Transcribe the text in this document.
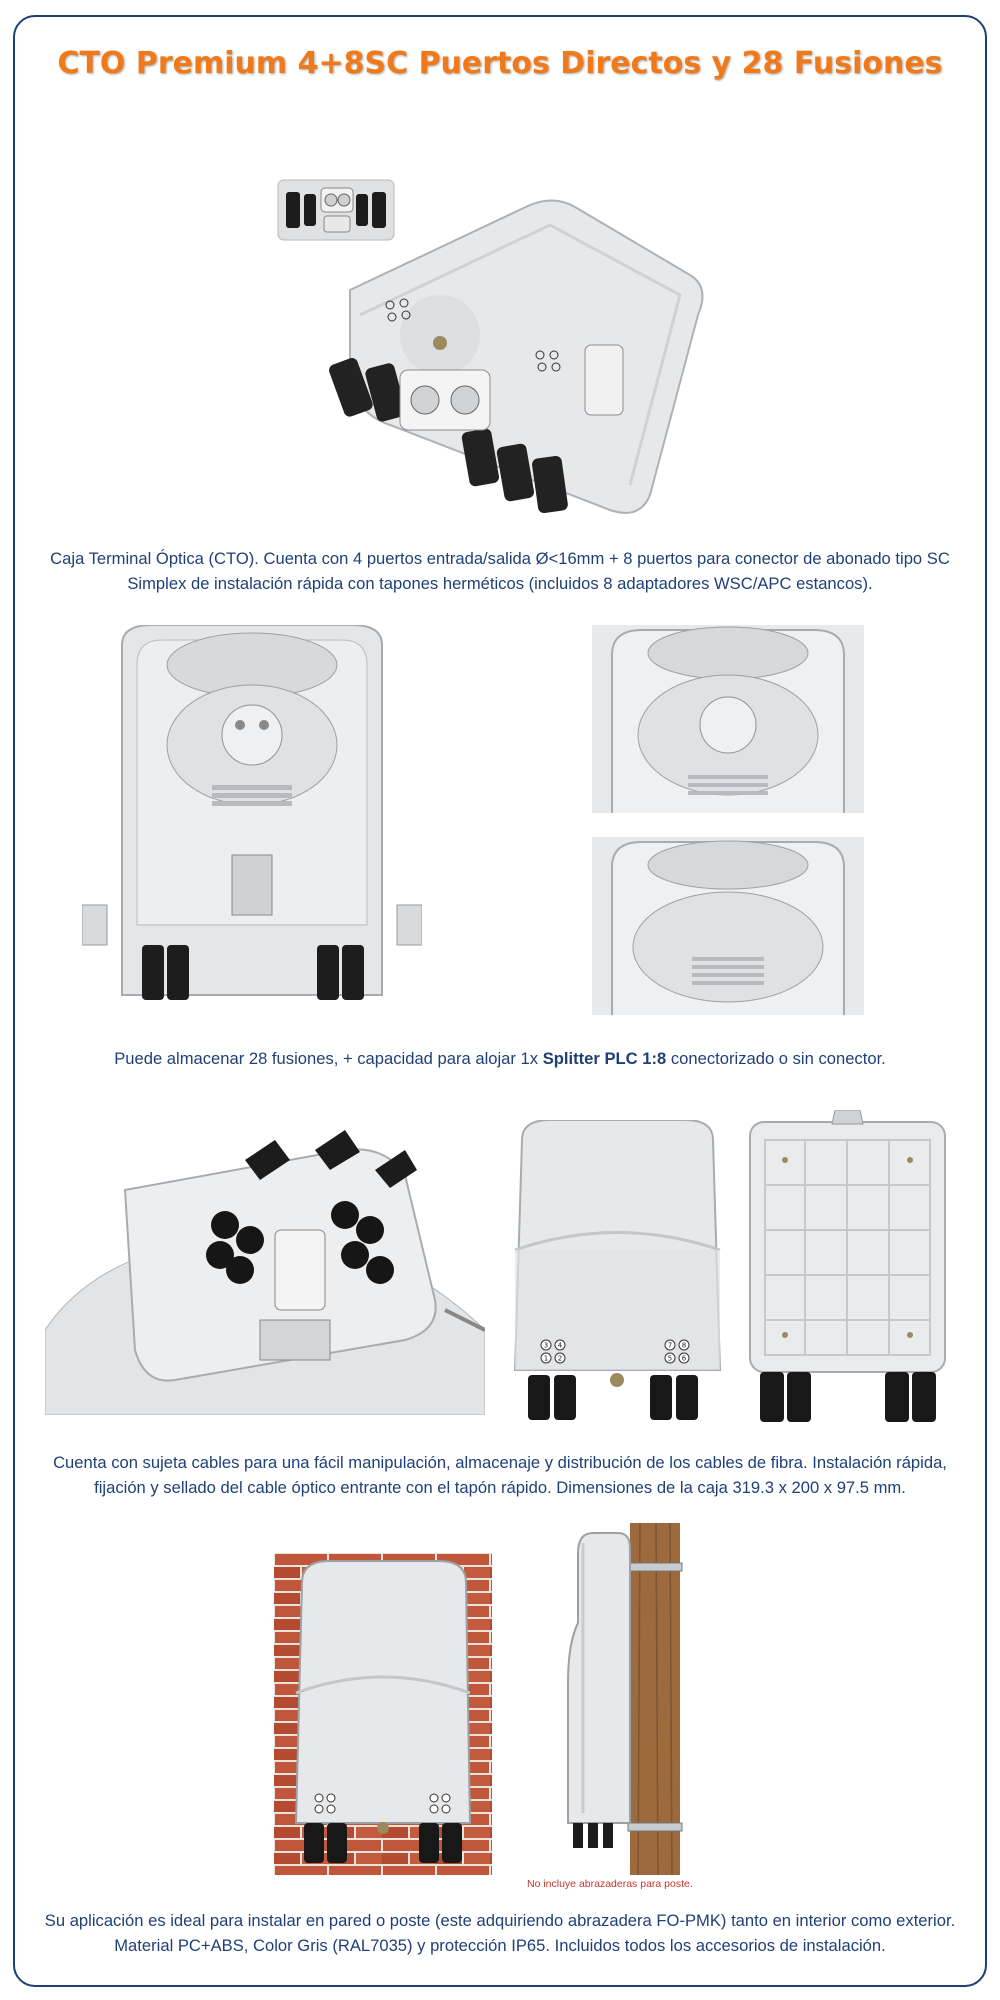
CTO Premium 4+8SC Puertos Directos y 28 Fusiones

Caja Terminal Óptica (CTO). Cuenta con 4 puertos entrada/salida Ø<16mm + 8 puertos para conector de abonado tipo SC Simplex de instalación rápida con tapones herméticos (incluidos 8 adaptadores WSC/APC estancos).

Puede almacenar 28 fusiones, + capacidad para alojar 1x Splitter PLC 1:8 conectorizado o sin conector.

3 4
1 2
7 8
5 6

Cuenta con sujeta cables para una fácil manipulación, almacenaje y distribución de los cables de fibra. Instalación rápida, fijación y sellado del cable óptico entrante con el tapón rápido. Dimensiones de la caja 319.3 x 200 x 97.5 mm.

No incluye abrazaderas para poste.

Su aplicación es ideal para instalar en pared o poste (este adquiriendo abrazadera FO-PMK) tanto en interior como exterior. Material PC+ABS, Color Gris (RAL7035) y protección IP65. Incluidos todos los accesorios de instalación.
